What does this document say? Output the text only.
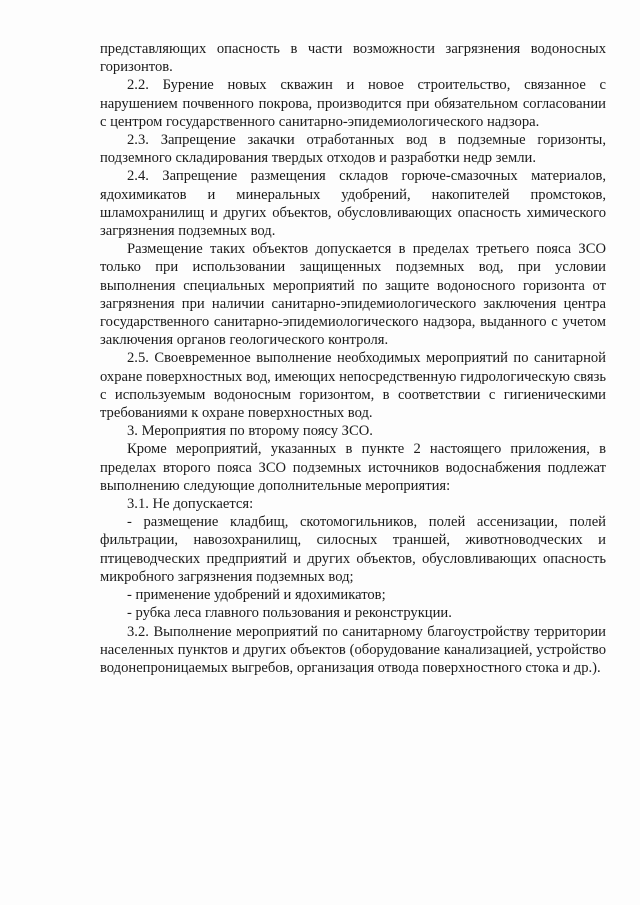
представляющих опасность в части возможности загрязнения водоносных горизонтов.

2.2. Бурение новых скважин и новое строительство, связанное с нарушением почвенного покрова, производится при обязательном согласовании с центром государственного санитарно-эпидемиологического надзора.

2.3. Запрещение закачки отработанных вод в подземные горизонты, подземного складирования твердых отходов и разработки недр земли.

2.4. Запрещение размещения складов горюче-смазочных материалов, ядохимикатов и минеральных удобрений, накопителей промстоков, шламохранилищ и других объектов, обусловливающих опасность химического загрязнения подземных вод.

Размещение таких объектов допускается в пределах третьего пояса ЗСО только при использовании защищенных подземных вод, при условии выполнения специальных мероприятий по защите водоносного горизонта от загрязнения при наличии санитарно-эпидемиологического заключения центра государственного санитарно-эпидемиологического надзора, выданного с учетом заключения органов геологического контроля.

2.5. Своевременное выполнение необходимых мероприятий по санитарной охране поверхностных вод, имеющих непосредственную гидрологическую связь с используемым водоносным горизонтом, в соответствии с гигиеническими требованиями к охране поверхностных вод.

3. Мероприятия по второму поясу ЗСО.

Кроме мероприятий, указанных в пункте 2 настоящего приложения, в пределах второго пояса ЗСО подземных источников водоснабжения подлежат выполнению следующие дополнительные мероприятия:

3.1. Не допускается:

- размещение кладбищ, скотомогильников, полей ассенизации, полей фильтрации, навозохранилищ, силосных траншей, животноводческих и птицеводческих предприятий и других объектов, обусловливающих опасность микробного загрязнения подземных вод;

- применение удобрений и ядохимикатов;

- рубка леса главного пользования и реконструкции.

3.2. Выполнение мероприятий по санитарному благоустройству территории населенных пунктов и других объектов (оборудование канализацией, устройство водонепроницаемых выгребов, организация отвода поверхностного стока и др.).
